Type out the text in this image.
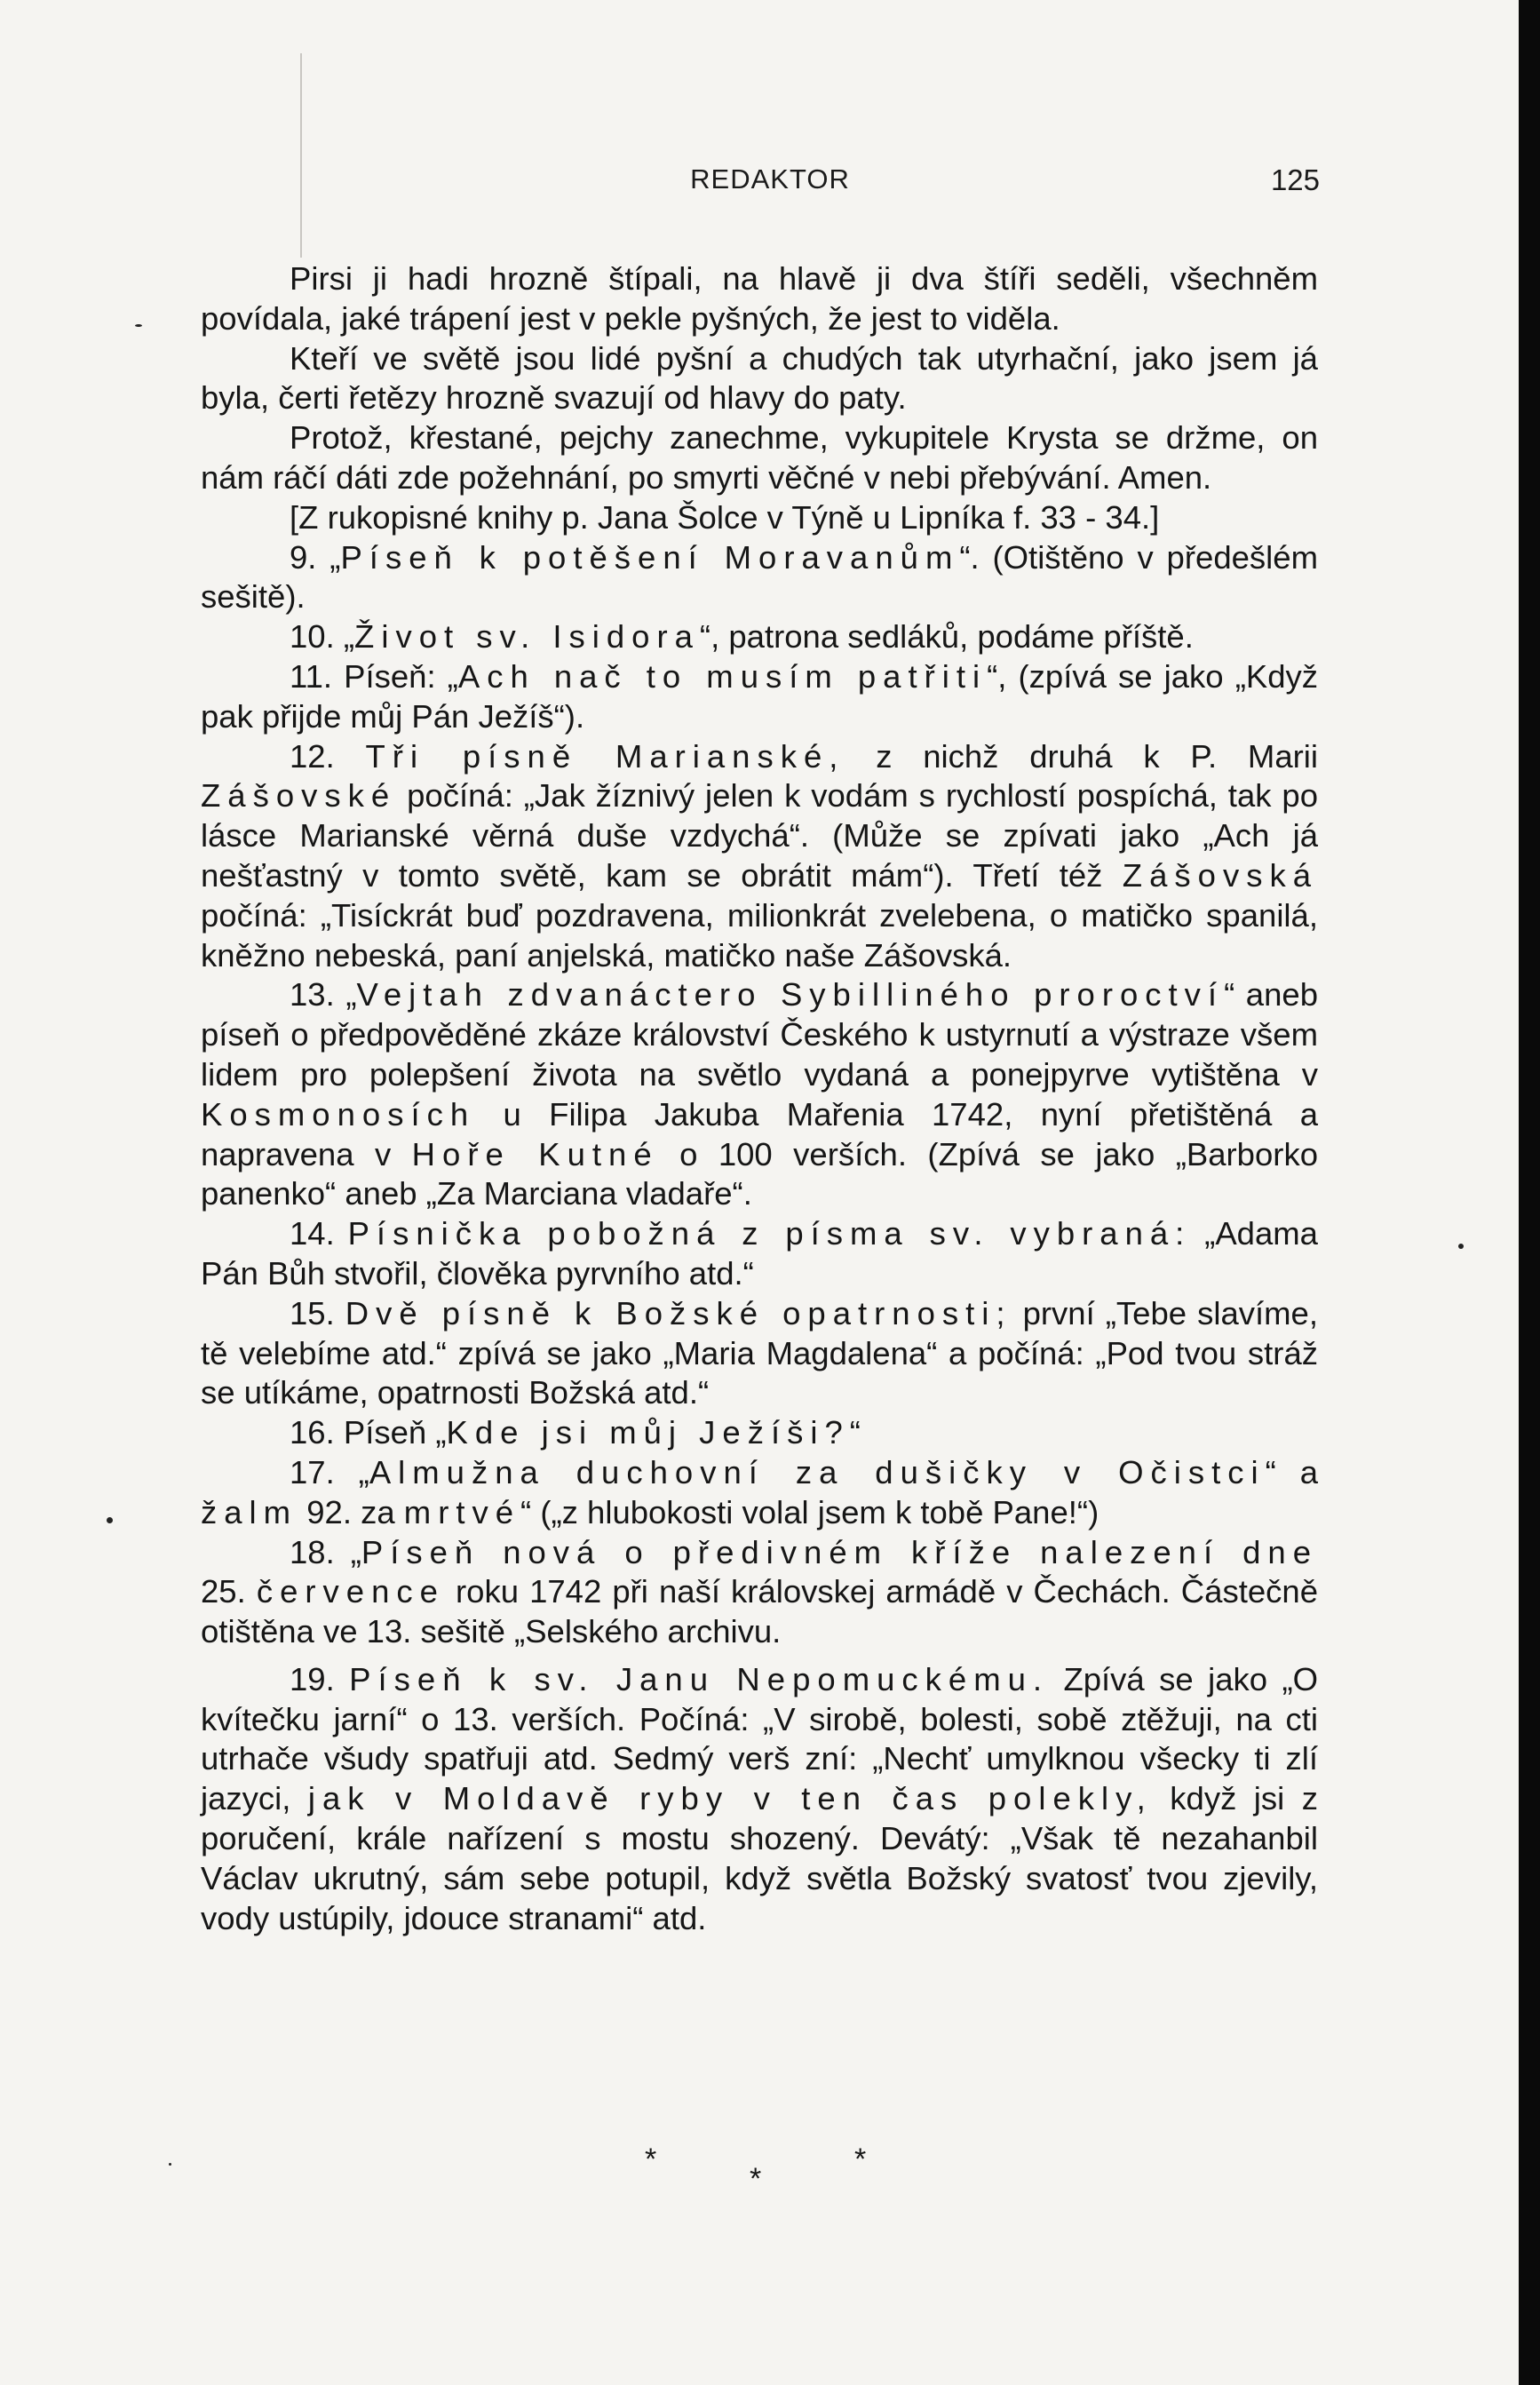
REDAKTOR	125

Pirsi ji hadi hrozně štípali, na hlavě ji dva štíři seděli, všechněm povídala, jaké trápení jest v pekle pyšných, že jest to viděla.

Kteří ve světě jsou lidé pyšní a chudých tak utyrhační, jako jsem já byla, čerti řetězy hrozně svazují od hlavy do paty.

Protož, křestané, pejchy zanechme, vykupitele Krysta se držme, on nám ráčí dáti zde požehnání, po smyrti věčné v nebi přebývání. Amen.

[Z rukopisné knihy p. Jana Šolce v Týně u Lipníka f. 33 - 34.]

9. „Píseň k potěšení Moravanům“. (Otištěno v předešlém sešitě).

10. „Život sv. Isidora“, patrona sedláků, podáme příště.

11. Píseň: „Ach nač to musím patřiti“, (zpívá se jako „Když pak přijde můj Pán Ježíš“).

12. Tři písně Marianské, z nichž druhá k P. Marii Zášovské počíná: „Jak žíznivý jelen k vodám s rychlostí pospíchá, tak po lásce Marianské věrná duše vzdychá“. (Může se zpívati jako „Ach já nešťastný v tomto světě, kam se obrátit mám“). Třetí též Zášovská počíná: „Tisíckrát buď pozdravena, milionkrát zvelebena, o matičko spanilá, kněžno nebeská, paní anjelská, matičko naše Zášovská.

13. „Vejtah zdvanáctero Sybilliného proroctví“ aneb píseň o předpověděné zkáze království Českého k ustyrnutí a výstraze všem lidem pro polepšení života na světlo vydaná a ponejpyrve vytištěna v Kosmonosích u Filipa Jakuba Mařenia 1742, nyní přetištěná a napravena v Hoře Kutné o 100 verších. (Zpívá se jako „Barborko panenko“ aneb „Za Marciana vladaře“.

14. Písnička pobožná z písma sv. vybraná: „Adama Pán Bůh stvořil, člověka pyrvního atd.“

15. Dvě písně k Božské opatrnosti; první „Tebe slavíme, tě velebíme atd.“ zpívá se jako „Maria Magdalena“ a počíná: „Pod tvou stráž se utíkáme, opatrnosti Božská atd.“

16. Píseň „Kde jsi můj Ježíši?“

17. „Almužna duchovní za dušičky v Očistci“ a žalm 92. za mrtvé“ („z hlubokosti volal jsem k tobě Pane!“)

18. „Píseň nová o předivném kříže nalezení dne 25. července roku 1742 při naší královskej armádě v Čechách. Částečně otištěna ve 13. sešitě „Selského archivu.

19. Píseň k sv. Janu Nepomuckému. Zpívá se jako „O kvítečku jarní“ o 13. verších. Počíná: „V sirobě, bolesti, sobě ztěžuji, na cti utrhače všudy spatřuji atd. Sedmý verš zní: „Nechť umylknou všecky ti zlí jazyci, jak v Moldavě ryby v ten čas polekly, když jsi z poručení, krále nařízení s mostu shozený. Devátý: „Však tě nezahanbil Václav ukrutný, sám sebe potupil, když světla Božský svatosť tvou zjevily, vody ustúpily, jdouce stranami“ atd.

*	*
*
